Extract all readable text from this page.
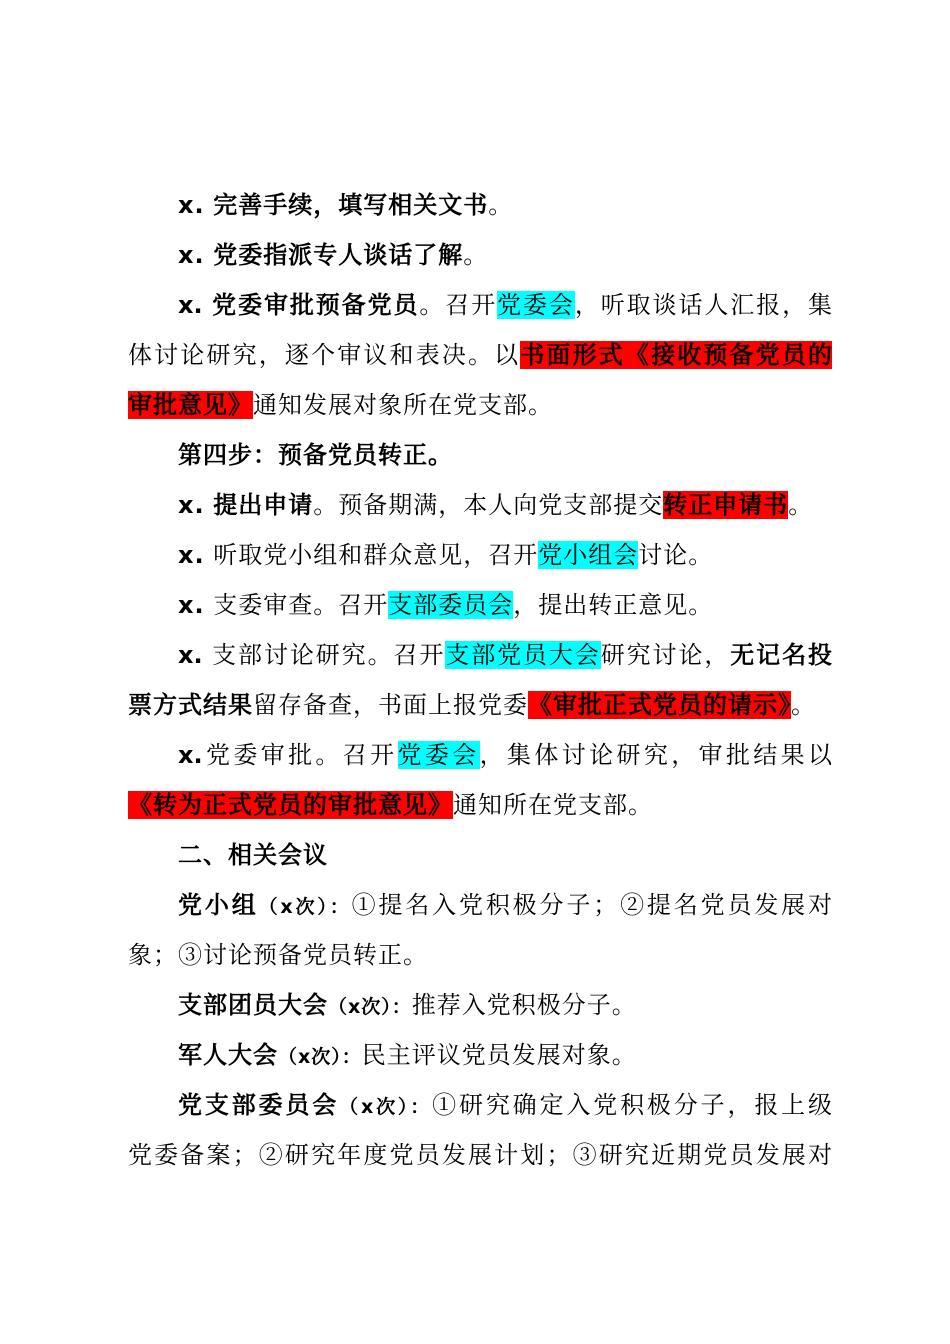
x. 完善手续，填写相关文书。
x. 党委指派专人谈话了解。
x. 党委审批预备党员。召开党委会，听取谈话人汇报，集
体讨论研究，逐个审议和表决。以书面形式《接收预备党员的
审批意见》通知发展对象所在党支部。
第四步：预备党员转正。
x. 提出申请。预备期满，本人向党支部提交转正申请书。
x. 听取党小组和群众意见，召开党小组会讨论。
x. 支委审查。召开支部委员会，提出转正意见。
x. 支部讨论研究。召开支部党员大会研究讨论，无记名投
票方式结果留存备查，书面上报党委《审批正式党员的请示》。
x.党委审批。召开党委会，集体讨论研究，审批结果以
《转为正式党员的审批意见》通知所在党支部。
二、相关会议
党小组（x次）：①提名入党积极分子；②提名党员发展对
象；③讨论预备党员转正。
支部团员大会（x次）：推荐入党积极分子。
军人大会（x次）：民主评议党员发展对象。
党支部委员会（x次）：①研究确定入党积极分子，报上级
党委备案；②研究年度党员发展计划；③研究近期党员发展对
